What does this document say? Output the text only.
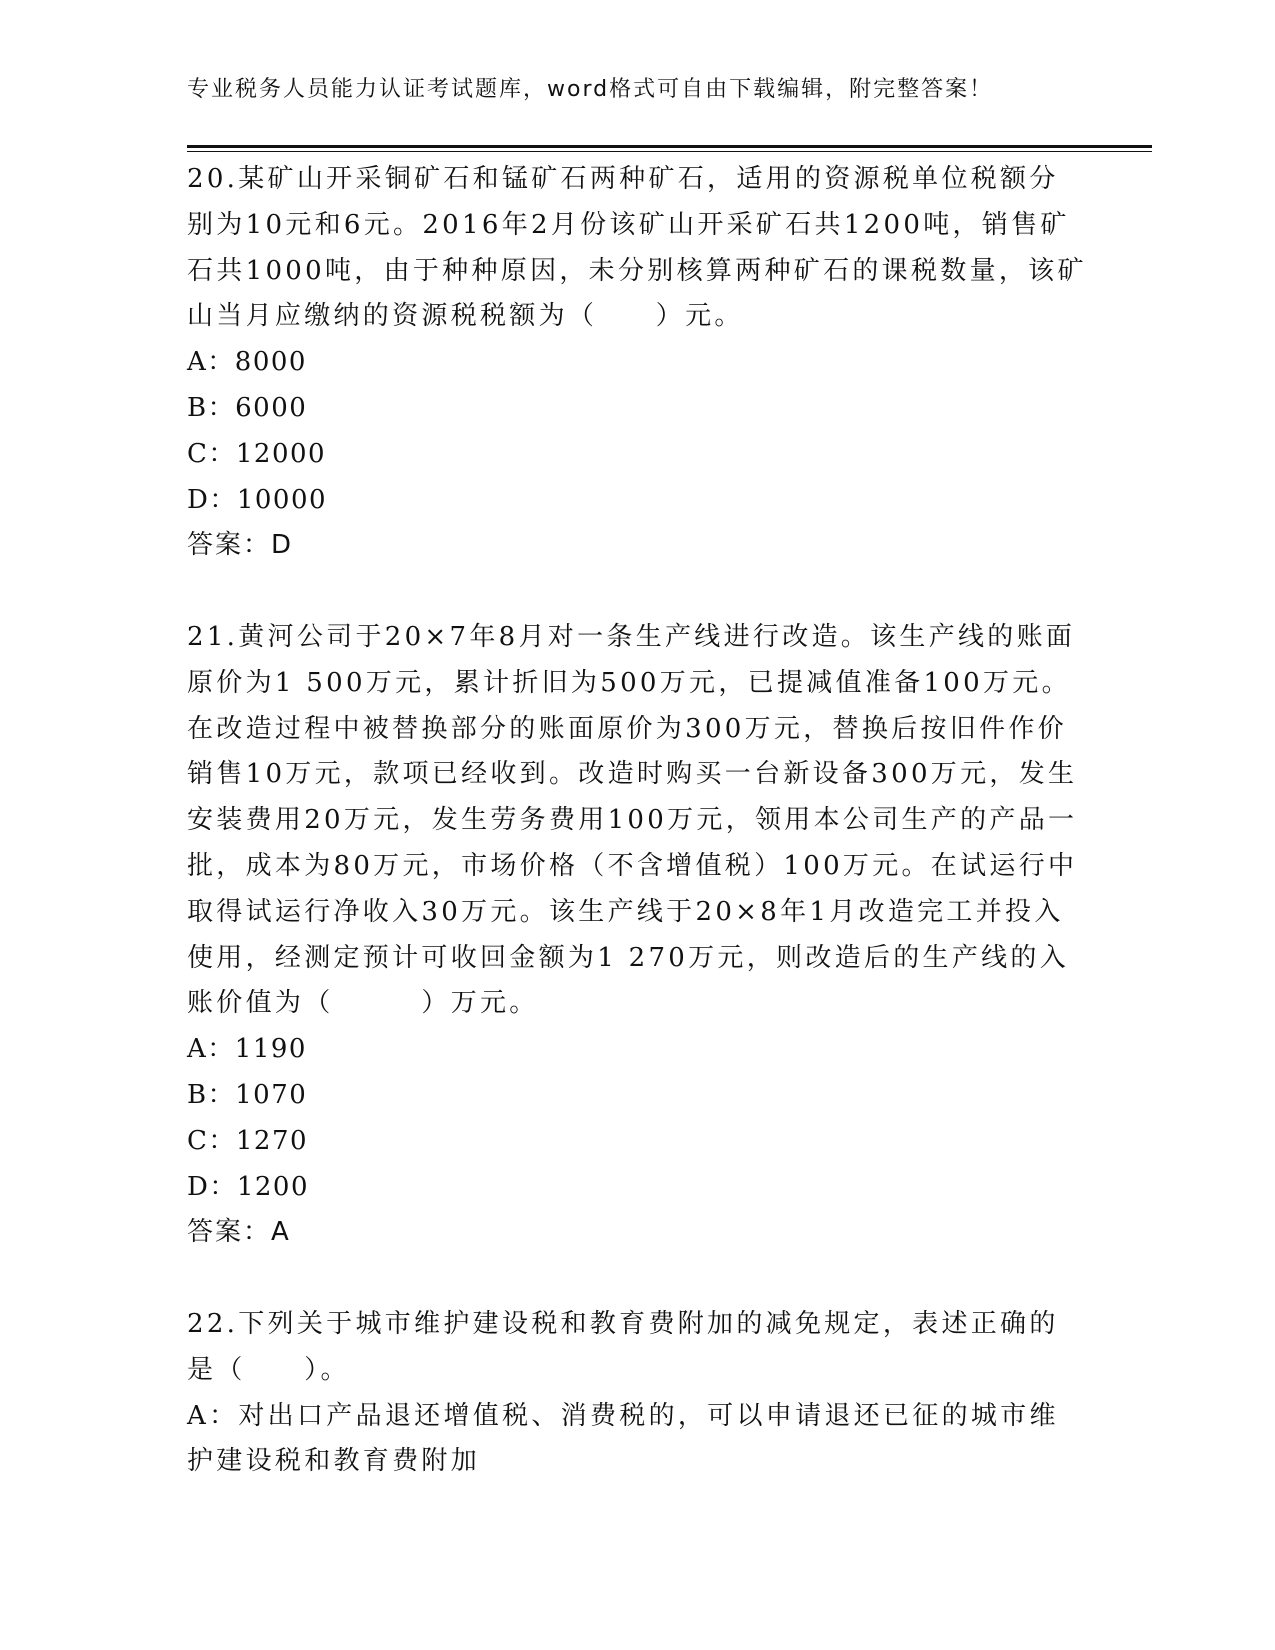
专业税务人员能力认证考试题库，word格式可自由下载编辑，附完整答案！

20.某矿山开采铜矿石和锰矿石两种矿石，适用的资源税单位税额分别为10元和6元。2016年2月份该矿山开采矿石共1200吨，销售矿石共1000吨，由于种种原因，未分别核算两种矿石的课税数量，该矿山当月应缴纳的资源税税额为（　　）元。

A：8000

B：6000

C：12000

D：10000

答案：D

21.黄河公司于20×7年8月对一条生产线进行改造。该生产线的账面原价为1 500万元，累计折旧为500万元，已提减值准备100万元。在改造过程中被替换部分的账面原价为300万元，替换后按旧件作价销售10万元，款项已经收到。改造时购买一台新设备300万元，发生安装费用20万元，发生劳务费用100万元，领用本公司生产的产品一批，成本为80万元，市场价格（不含增值税）100万元。在试运行中取得试运行净收入30万元。该生产线于20×8年1月改造完工并投入使用，经测定预计可收回金额为1 270万元，则改造后的生产线的入账价值为（　　　）万元。

A：1190

B：1070

C：1270

D：1200

答案：A

22.下列关于城市维护建设税和教育费附加的减免规定，表述正确的是（　　）。

A：对出口产品退还增值税、消费税的，可以申请退还已征的城市维护建设税和教育费附加
